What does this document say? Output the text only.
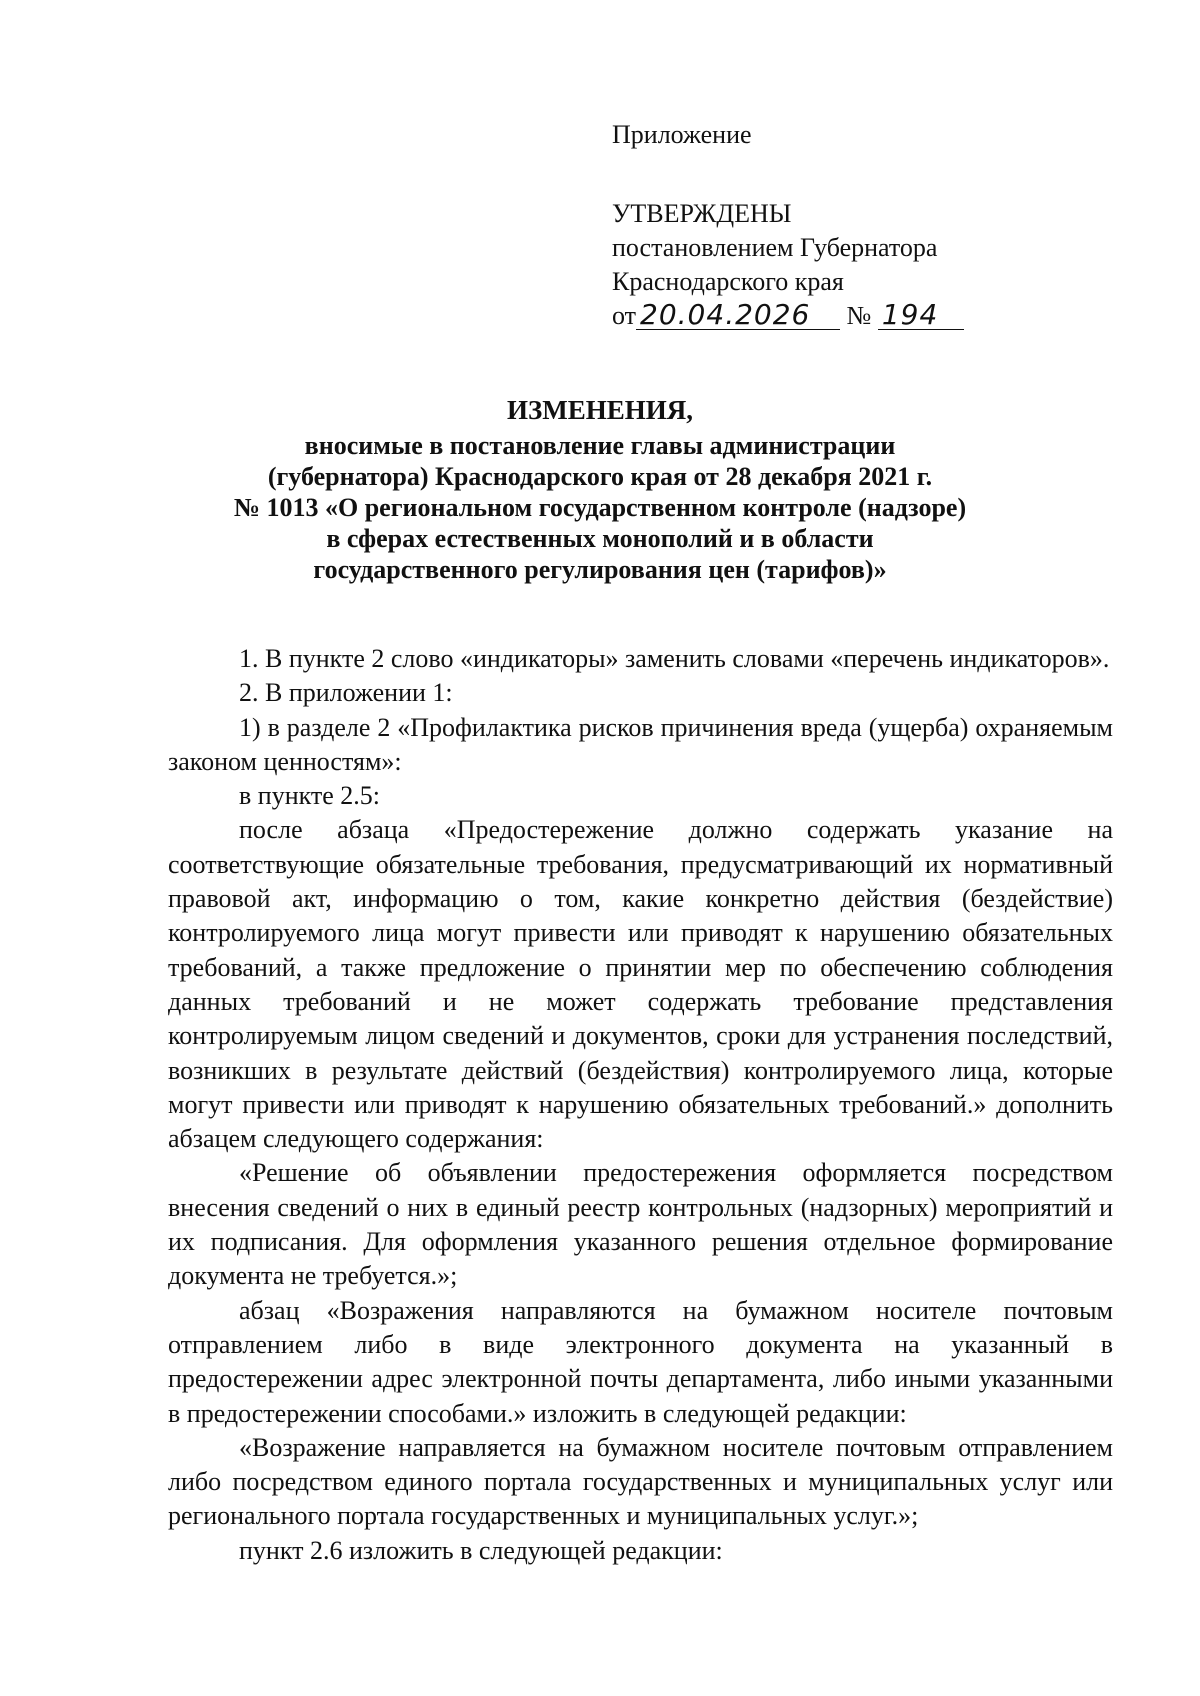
Приложение
УТВЕРЖДЕНЫ
постановлением Губернатора
Краснодарского края
от 20.04.2026 № 194
ИЗМЕНЕНИЯ,
вносимые в постановление главы администрации
(губернатора) Краснодарского края от 28 декабря 2021 г.
№ 1013 «О региональном государственном контроле (надзоре)
в сферах естественных монополий и в области
государственного регулирования цен (тарифов)»

1. В пункте 2 слово «индикаторы» заменить словами «перечень индикаторов».

2. В приложении 1:

1) в разделе 2 «Профилактика рисков причинения вреда (ущерба) охраняемым законом ценностям»:

в пункте 2.5:

после абзаца «Предостережение должно содержать указание на соответствующие обязательные требования, предусматривающий их нормативный правовой акт, информацию о том, какие конкретно действия (бездействие) контролируемого лица могут привести или приводят к нарушению обязательных требований, а также предложение о принятии мер по обеспечению соблюдения данных требований и не может содержать требование представления контролируемым лицом сведений и документов, сроки для устранения последствий, возникших в результате действий (бездействия) контролируемого лица, которые могут привести или приводят к нарушению обязательных требований.» дополнить абзацем следующего содержания:

«Решение об объявлении предостережения оформляется посредством внесения сведений о них в единый реестр контрольных (надзорных) мероприятий и их подписания. Для оформления указанного решения отдельное формирование документа не требуется.»;

абзац «Возражения направляются на бумажном носителе почтовым отправлением либо в виде электронного документа на указанный в предостережении адрес электронной почты департамента, либо иными указанными в предостережении способами.» изложить в следующей редакции:

«Возражение направляется на бумажном носителе почтовым отправлением либо посредством единого портала государственных и муниципальных услуг или регионального портала государственных и муниципальных услуг.»;

пункт 2.6 изложить в следующей редакции:
